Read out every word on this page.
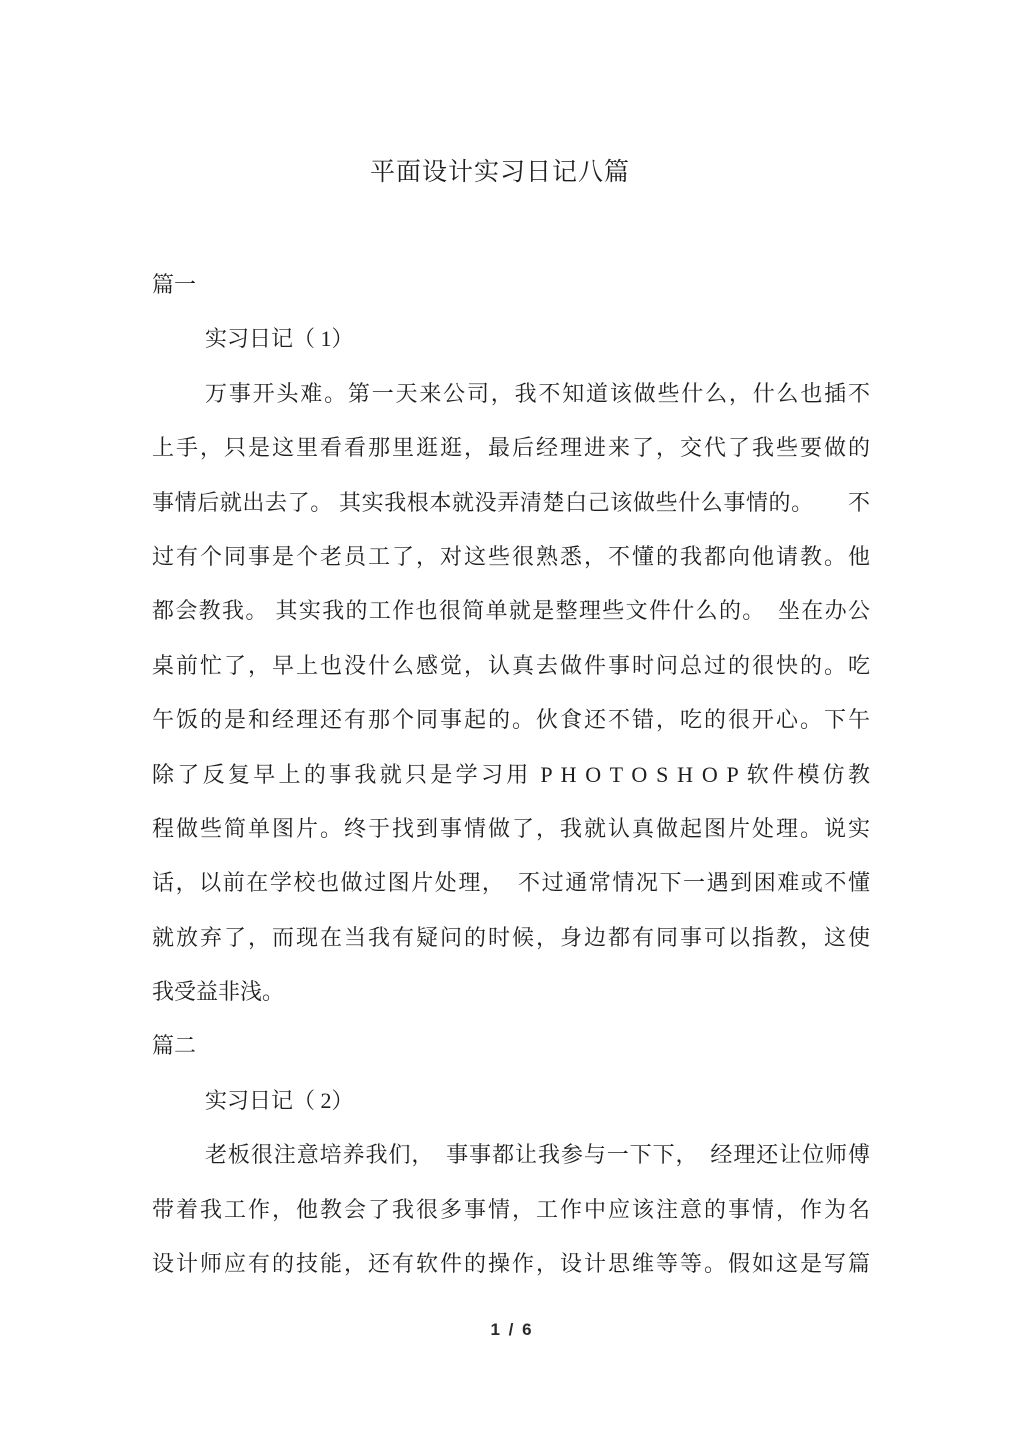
平面设计实习日记八篇
篇一
实习日记（ 1）
万事开头难。第一天来公司，我不知道该做些什么，什么也插不
上手，只是这里看看那里逛逛，最后经理进来了，交代了我些要做的
事情后就出去了。 其实我根本就没弄清楚白己该做些什么事情的。　　不
过有个同事是个老员工了，对这些很熟悉，不懂的我都向他请教。他
都会教我。 其实我的工作也很简单就是整理些文件什么的。　坐在办公
桌前忙了，早上也没什么感觉，认真去做件事时问总过的很快的。吃
午饭的是和经理还有那个同事起的。伙食还不错，吃的很开心。下午
除了反复早上的事我就只是学习用 P H O T O S H O P 软件模仿教
程做些简单图片。终于找到事情做了，我就认真做起图片处理。说实
话，以前在学校也做过图片处理，　不过通常情况下一遇到困难或不懂
就放弃了，而现在当我有疑问的时候，身边都有同事可以指教，这使
我受益非浅。
篇二
实习日记（ 2）
老板很注意培养我们，　事事都让我参与一下下，　经理还让位师傅
带着我工作，他教会了我很多事情，工作中应该注意的事情，作为名
设计师应有的技能，还有软件的操作，设计思维等等。假如这是写篇
1 / 6
